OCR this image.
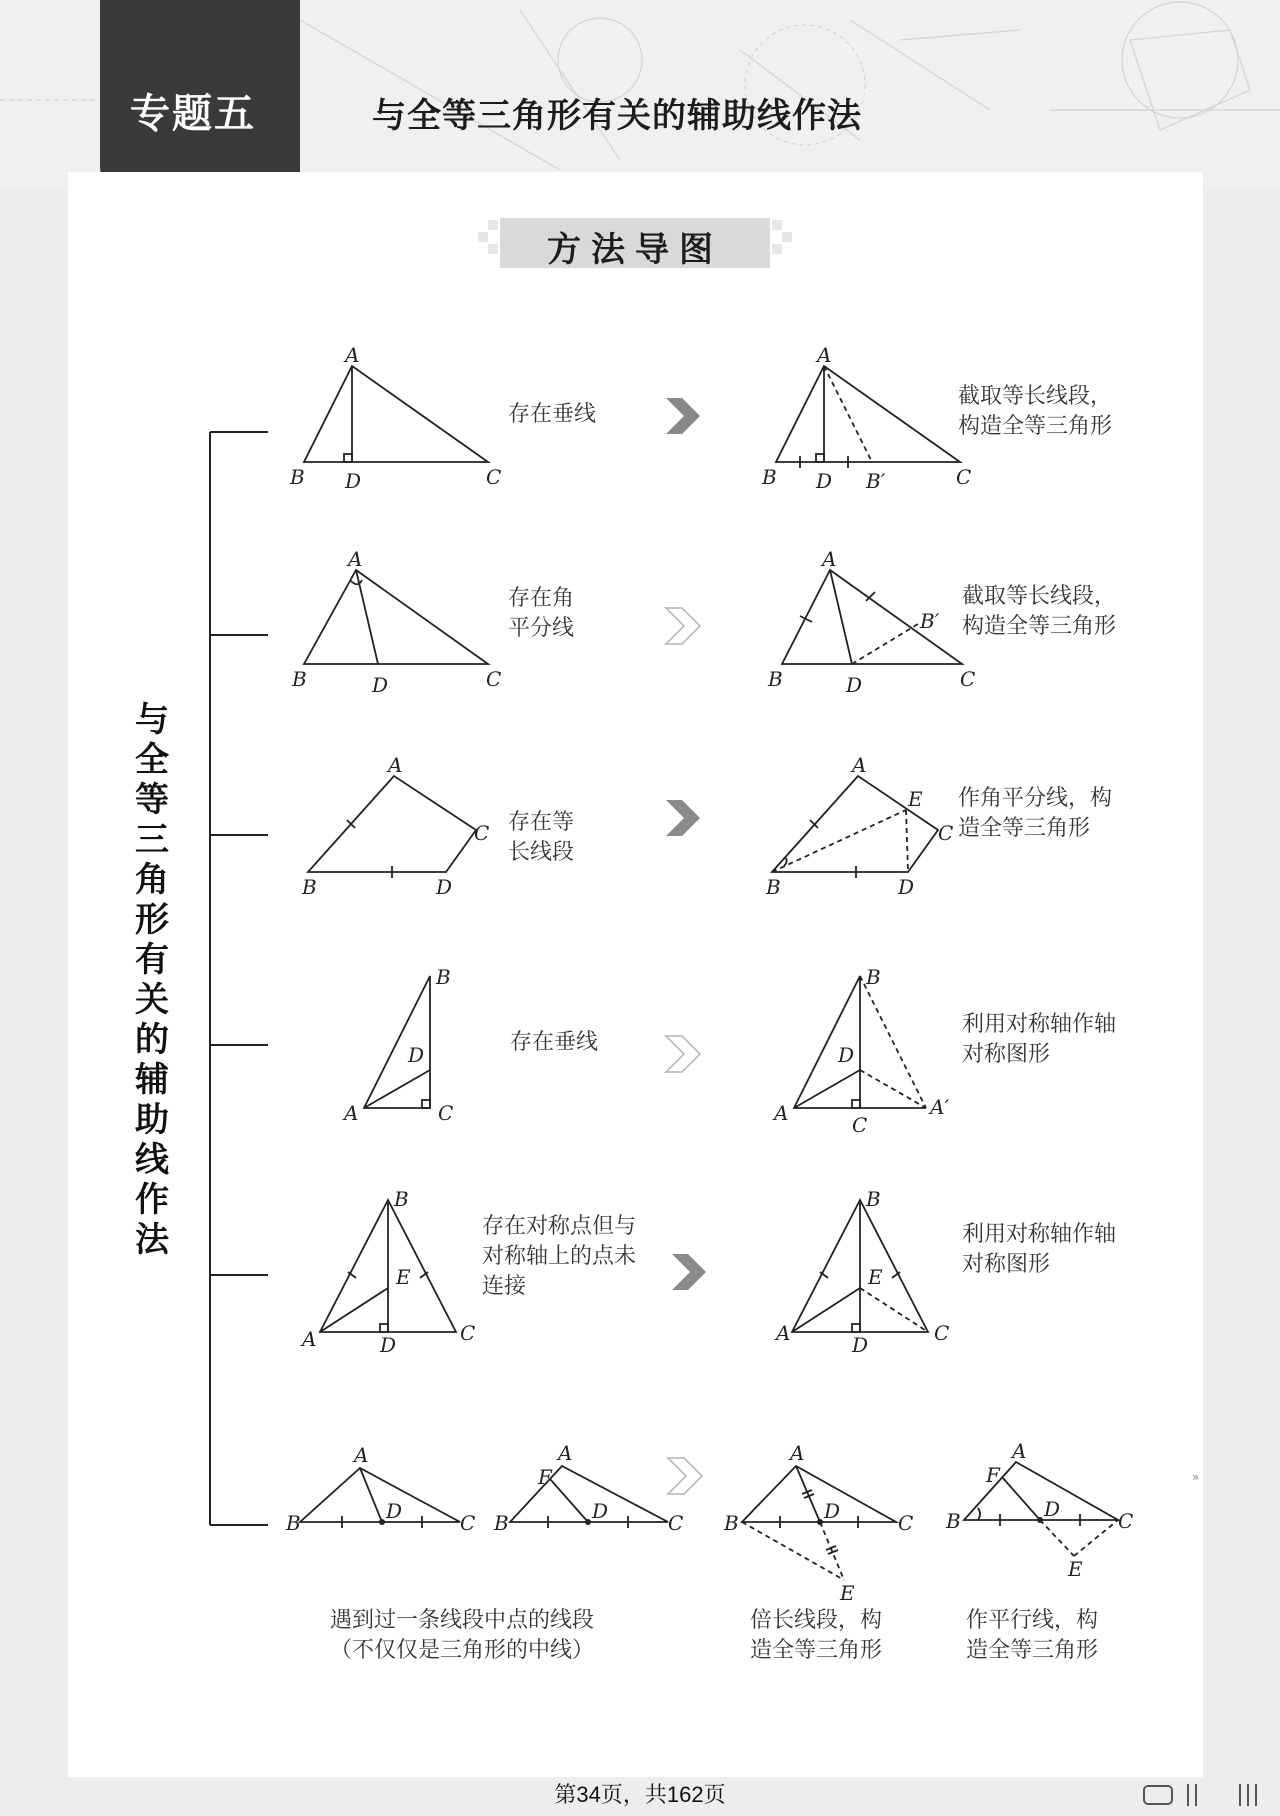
专题五	与全等三角形有关的辅助线作法
方法导图
与全等三角形有关的辅助线作法
A
B D	C
A
B D B′	C
A
B	D	C
A
B′
B	D	C
A
C
B	D
A
E
C
B	D
B
D
A	C
B
D
A	C
A′
B
E
A	D	C
B
E
A	D	C
A
B	D	C
A
F
B	D	C
A
B	D	C
E
A
F
B	D	C
E
存在垂线
截取等长线段，
构造全等三角形
存在角
平分线
截取等长线段，
构造全等三角形
存在等
长线段
作角平分线，构
造全等三角形
存在垂线
利用对称轴作轴
对称图形
存在对称点但与
对称轴上的点未
连接
利用对称轴作轴
对称图形
遇到过一条线段中点的线段
（不仅仅是三角形的中线）
倍长线段，构
造全等三角形
作平行线，构
造全等三角形
»
第34页，共162页
